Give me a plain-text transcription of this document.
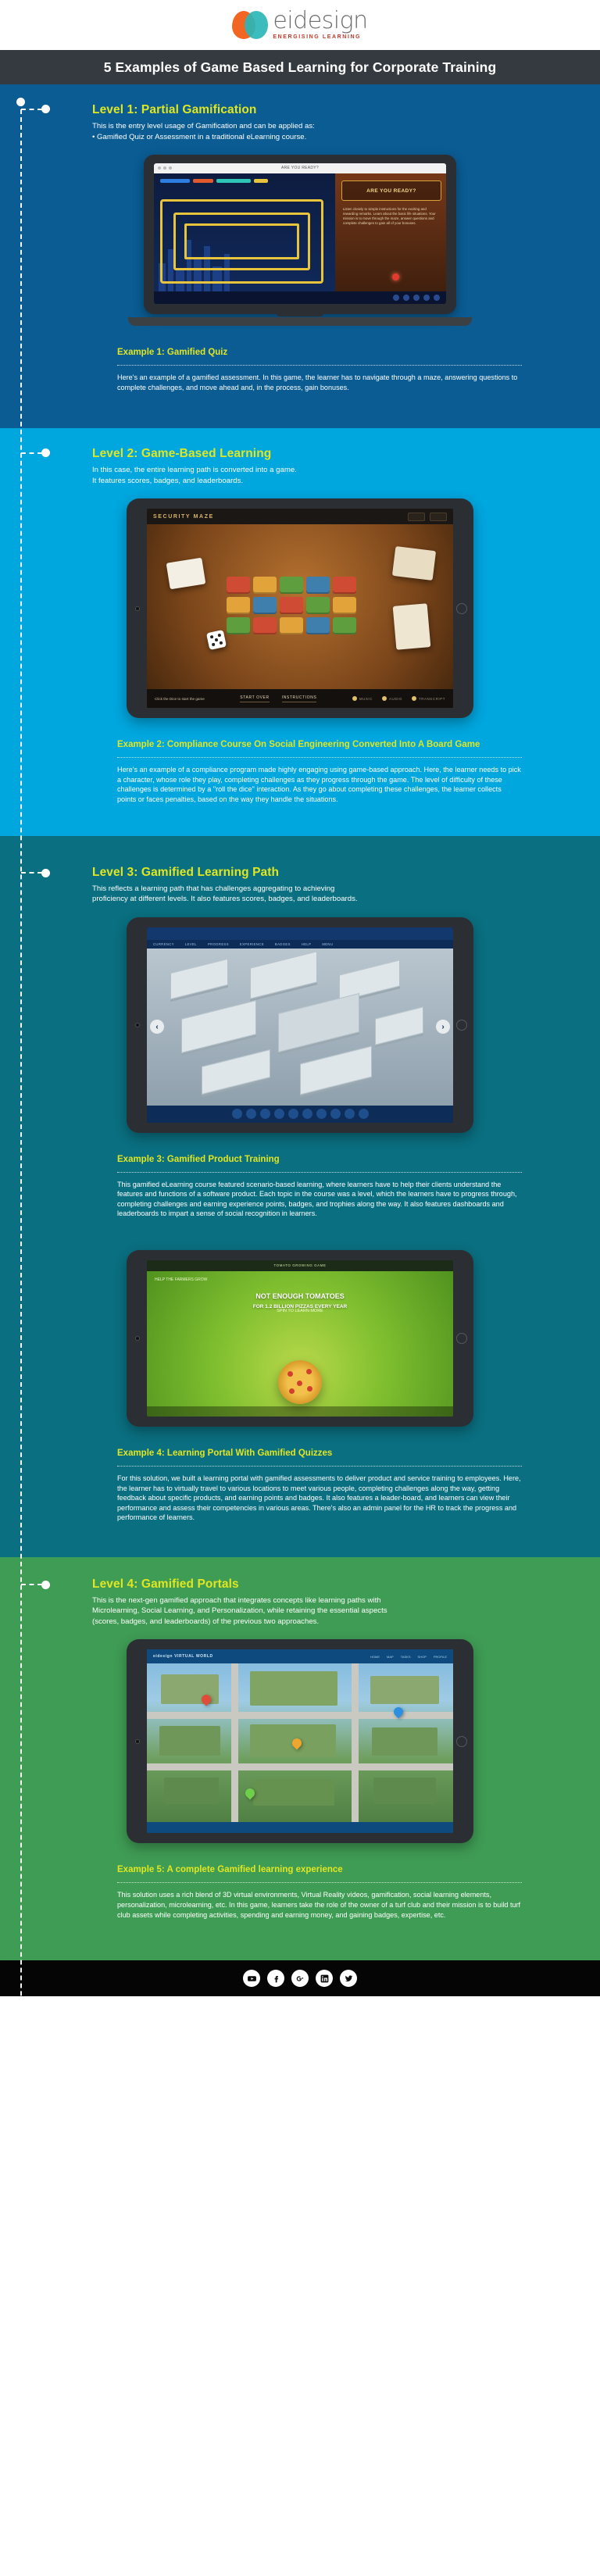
eidesign
ENERGISING LEARNING
5 Examples of Game Based Learning for Corporate Training
Level 1: Partial Gamification
This is the entry level usage of Gamification and can be applied as:
• Gamified Quiz or Assessment in a traditional eLearning course.
ARE YOU READY?
ARE YOU READY?
Listen closely to simple instructions for the exciting and rewarding remarks. Learn about the basic life situations. Your mission is to move through the maze, answer questions and complete challenges to gain all of your bonuses.
Example 1: Gamified Quiz
Here's an example of a gamified assessment. In this game, the learner has to navigate through a maze, answering questions to complete challenges, and move ahead and, in the process, gain bonuses.
Level 2: Game-Based Learning
In this case, the entire learning path is converted into a game.
It features scores, badges, and leaderboards.
SECURITY MAZE
Click the Dice to start the game	START OVER	INSTRUCTIONS	MUSIC	AUDIO	TRANSCRIPT
Example 2: Compliance Course On Social Engineering Converted Into A Board Game
Here's an example of a compliance program made highly engaging using game-based approach. Here, the learner needs to pick a character, whose role they play, completing challenges as they progress through the game. The level of difficulty of these challenges is determined by a "roll the dice" interaction. As they go about completing these challenges, the learner collects points or faces penalties, based on the way they handle the situations.
Level 3: Gamified Learning Path
This reflects a learning path that has challenges aggregating to achieving
proficiency at different levels. It also features scores, badges, and leaderboards.
CURRENCY	LEVEL	PROGRESS	EXPERIENCE	BADGES	HELP	MENU
‹	›
Example 3: Gamified Product Training
This gamified eLearning course featured scenario-based learning, where learners have to help their clients understand the features and functions of a software product. Each topic in the course was a level, which the learners have to progress through, completing challenges and earning experience points, badges, and trophies along the way. It also features dashboards and leaderboards to impart a sense of social recognition in learners.
TOMATO GROWING GAME
HELP THE FARMERS GROW
NOT ENOUGH TOMATOES
FOR 1.2 BILLION PIZZAS EVERY YEAR
SPIN TO LEARN MORE
Example 4: Learning Portal With Gamified Quizzes
For this solution, we built a learning portal with gamified assessments to deliver product and service training to employees. Here, the learner has to virtually travel to various locations to meet various people, completing challenges along the way, getting feedback about specific products, and earning points and badges. It also features a leader-board, and learners can view their performance and assess their competencies in various areas. There's also an admin panel for the HR to track the progress and performance of learners.
Level 4: Gamified Portals
This is the next-gen gamified approach that integrates concepts like learning paths with
Microlearning, Social Learning, and Personalization, while retaining the essential aspects
(scores, badges, and leaderboards) of the previous two approaches.
eidesign VIRTUAL WORLD	HOME MAP TASKS SHOP PROFILE
Example 5: A complete Gamified learning experience
This solution uses a rich blend of 3D virtual environments, Virtual Reality videos, gamification, social learning elements, personalization, microlearning, etc. In this game, learners take the role of the owner of a turf club and their mission is to build turf club assets while completing activities, spending and earning money, and gaining badges, expertise, etc.
